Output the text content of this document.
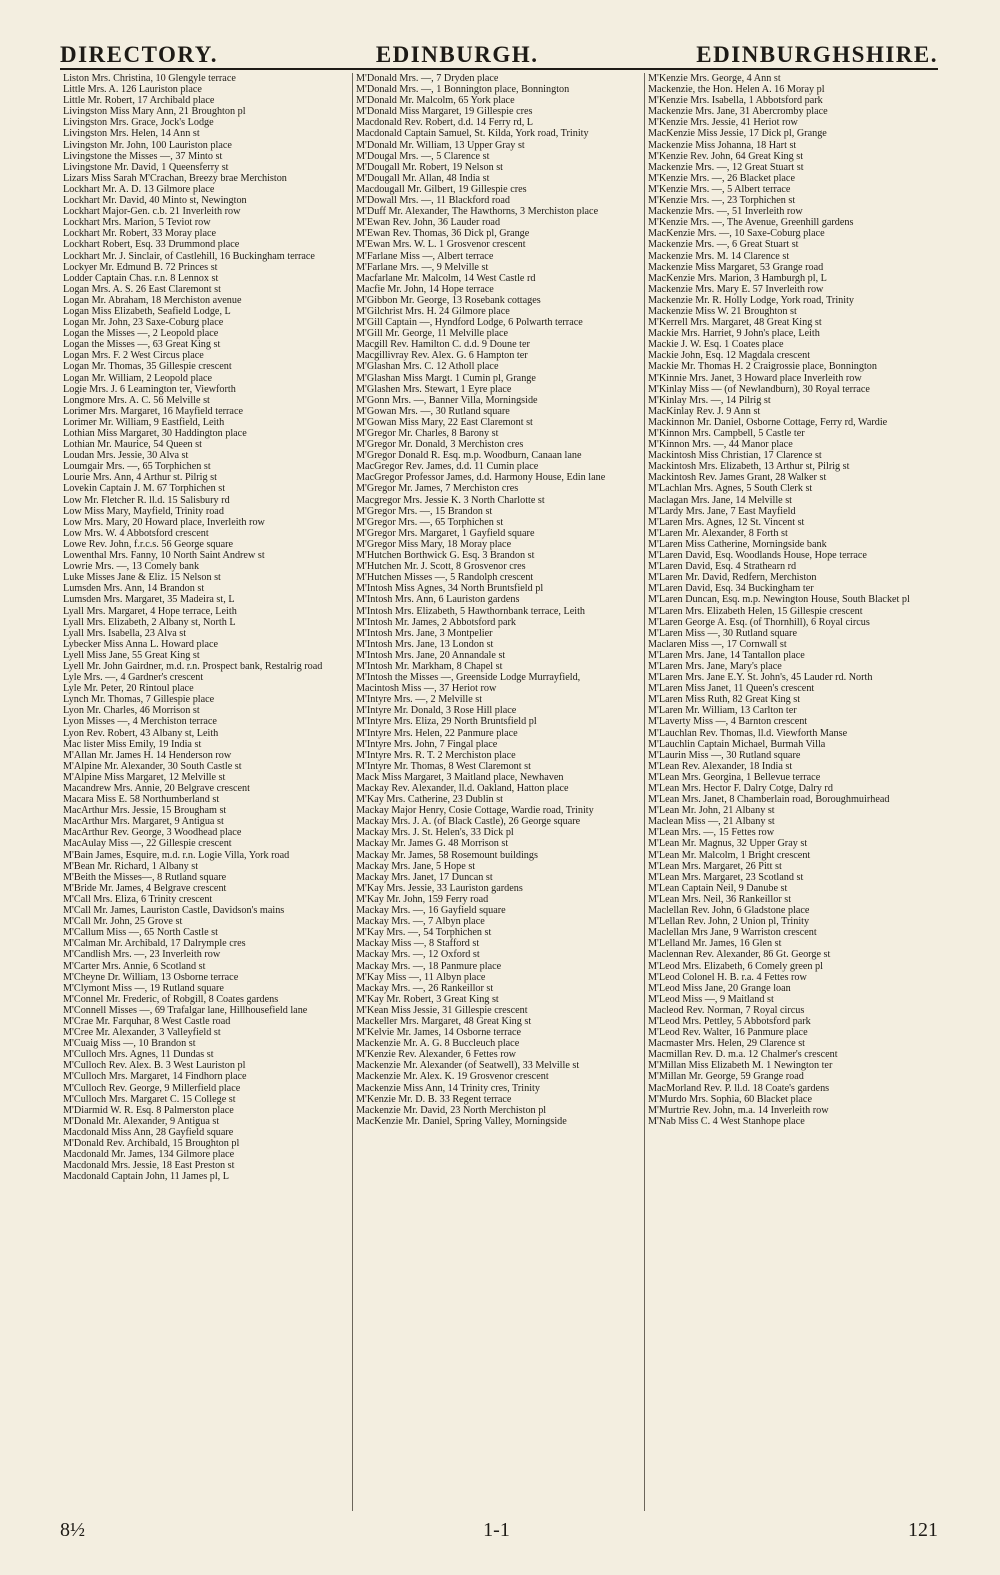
DIRECTORY.	EDINBURGH.	EDINBURGHSHIRE.
Liston Mrs. Christina, 10 Glengyle terrace
Little Mrs. A. 126 Lauriston place
Little Mr. Robert, 17 Archibald place
Livingston Miss Mary Ann, 21 Broughton pl
Livingston Mrs. Grace, Jock's Lodge
Livingston Mrs. Helen, 14 Ann st
Livingston Mr. John, 100 Lauriston place
Livingstone the Misses —, 37 Minto st
Livingstone Mr. David, 1 Queensferry st
Lizars Miss Sarah M'Crachan, Breezy brae Merchiston
Lockhart Mr. A. D. 13 Gilmore place
Lockhart Mr. David, 40 Minto st, Newington
Lockhart Major-Gen. c.b. 21 Inverleith row
Lockhart Mrs. Marion, 5 Teviot row
Lockhart Mr. Robert, 33 Moray place
Lockhart Robert, Esq. 33 Drummond place
Lockhart Mr. J. Sinclair, of Castlehill, 16 Buckingham terrace
Lockyer Mr. Edmund B. 72 Princes st
Lodder Captain Chas. r.n. 8 Lennox st
Logan Mrs. A. S. 26 East Claremont st
Logan Mr. Abraham, 18 Merchiston avenue
Logan Miss Elizabeth, Seafield Lodge, L
Logan Mr. John, 23 Saxe-Coburg place
Logan the Misses —, 2 Leopold place
Logan the Misses —, 63 Great King st
Logan Mrs. F. 2 West Circus place
Logan Mr. Thomas, 35 Gillespie crescent
Logan Mr. William, 2 Leopold place
Logie Mrs. J. 6 Leamington ter, Viewforth
Longmore Mrs. A. C. 56 Melville st
Lorimer Mrs. Margaret, 16 Mayfield terrace
Lorimer Mr. William, 9 Eastfield, Leith
Lothian Miss Margaret, 30 Haddington place
Lothian Mr. Maurice, 54 Queen st
Loudan Mrs. Jessie, 30 Alva st
Loumgair Mrs. —, 65 Torphichen st
Lourie Mrs. Ann, 4 Arthur st. Pilrig st
Lovekin Captain J. M. 67 Torphichen st
Low Mr. Fletcher R. ll.d. 15 Salisbury rd
Low Miss Mary, Mayfield, Trinity road
Low Mrs. Mary, 20 Howard place, Inverleith row
Low Mrs. W. 4 Abbotsford crescent
Lowe Rev. John, f.r.c.s. 56 George square
Lowenthal Mrs. Fanny, 10 North Saint Andrew st
Lowrie Mrs. —, 13 Comely bank
Luke Misses Jane & Eliz. 15 Nelson st
Lumsden Mrs. Ann, 14 Brandon st
Lumsden Mrs. Margaret, 35 Madeira st, L
Lyall Mrs. Margaret, 4 Hope terrace, Leith
Lyall Mrs. Elizabeth, 2 Albany st, North L
Lyall Mrs. Isabella, 23 Alva st
Lybecker Miss Anna L. Howard place
Lyell Miss Jane, 55 Great King st
Lyell Mr. John Gairdner, m.d. r.n. Prospect bank, Restalrig road
Lyle Mrs. —, 4 Gardner's crescent
Lyle Mr. Peter, 20 Rintoul place
Lynch Mr. Thomas, 7 Gillespie place
Lyon Mr. Charles, 46 Morrison st
Lyon Misses —, 4 Merchiston terrace
Lyon Rev. Robert, 43 Albany st, Leith
Mac lister Miss Emily, 19 India st
M'Allan Mr. James H. 14 Henderson row
M'Alpine Mr. Alexander, 30 South Castle st
M'Alpine Miss Margaret, 12 Melville st
Macandrew Mrs. Annie, 20 Belgrave crescent
Macara Miss E. 58 Northumberland st
MacArthur Mrs. Jessie, 15 Brougham st
MacArthur Mrs. Margaret, 9 Antigua st
MacArthur Rev. George, 3 Woodhead place
MacAulay Miss —, 22 Gillespie crescent
M'Bain James, Esquire, m.d. r.n. Logie Villa, York road
M'Bean Mr. Richard, 1 Albany st
M'Beith the Misses—, 8 Rutland square
M'Bride Mr. James, 4 Belgrave crescent
M'Call Mrs. Eliza, 6 Trinity crescent
M'Call Mr. James, Lauriston Castle, Davidson's mains
M'Call Mr. John, 25 Grove st
M'Callum Miss —, 65 North Castle st
M'Calman Mr. Archibald, 17 Dalrymple cres
M'Candlish Mrs. —, 23 Inverleith row
M'Carter Mrs. Annie, 6 Scotland st
M'Cheyne Dr. William, 13 Osborne terrace
M'Clymont Miss —, 19 Rutland square
M'Connel Mr. Frederic, of Robgill, 8 Coates gardens
M'Connell Misses —, 69 Trafalgar lane, Hillhousefield lane
M'Crae Mr. Farquhar, 8 West Castle road
M'Cree Mr. Alexander, 3 Valleyfield st
M'Cuaig Miss —, 10 Brandon st
M'Culloch Mrs. Agnes, 11 Dundas st
M'Culloch Rev. Alex. B. 3 West Lauriston pl
M'Culloch Mrs. Margaret, 14 Findhorn place
M'Culloch Rev. George, 9 Millerfield place
M'Culloch Mrs. Margaret C. 15 College st
M'Diarmid W. R. Esq. 8 Palmerston place
M'Donald Mr. Alexander, 9 Antigua st
Macdonald Miss Ann, 28 Gayfield square
M'Donald Rev. Archibald, 15 Broughton pl
Macdonald Mr. James, 134 Gilmore place
Macdonald Mrs. Jessie, 18 East Preston st
Macdonald Captain John, 11 James pl, L
M'Donald Mrs. —, 7 Dryden place
M'Donald Mrs. —, 1 Bonnington place, Bonnington
M'Donald Mr. Malcolm, 65 York place
M'Donald Miss Margaret, 19 Gillespie cres
Macdonald Rev. Robert, d.d. 14 Ferry rd, L
Macdonald Captain Samuel, St. Kilda, York road, Trinity
M'Donald Mr. William, 13 Upper Gray st
M'Dougal Mrs. —, 5 Clarence st
M'Dougall Mr. Robert, 19 Nelson st
M'Dougall Mr. Allan, 48 India st
Macdougall Mr. Gilbert, 19 Gillespie cres
M'Dowall Mrs. —, 11 Blackford road
M'Duff Mr. Alexander, The Hawthorns, 3 Merchiston place
M'Ewan Rev. John, 36 Lauder road
M'Ewan Rev. Thomas, 36 Dick pl, Grange
M'Ewan Mrs. W. L. 1 Grosvenor crescent
M'Farlane Miss —, Albert terrace
M'Farlane Mrs. —, 9 Melville st
Macfarlane Mr. Malcolm, 14 West Castle rd
Macfie Mr. John, 14 Hope terrace
M'Gibbon Mr. George, 13 Rosebank cottages
M'Gilchrist Mrs. H. 24 Gilmore place
M'Gill Captain —, Hyndford Lodge, 6 Polwarth terrace
M'Gill Mr. George, 11 Melville place
Macgill Rev. Hamilton C. d.d. 9 Doune ter
Macgillivray Rev. Alex. G. 6 Hampton ter
M'Glashan Mrs. C. 12 Atholl place
M'Glashan Miss Margt. 1 Cumin pl, Grange
M'Glashen Mrs. Stewart, 1 Eyre place
M'Gonn Mrs. —, Banner Villa, Morningside
M'Gowan Mrs. —, 30 Rutland square
M'Gowan Miss Mary, 22 East Claremont st
M'Gregor Mr. Charles, 8 Barony st
M'Gregor Mr. Donald, 3 Merchiston cres
M'Gregor Donald R. Esq. m.p. Woodburn, Canaan lane
MacGregor Rev. James, d.d. 11 Cumin place
MacGregor Professor James, d.d. Harmony House, Edin lane
M'Gregor Mr. James, 7 Merchiston cres
Macgregor Mrs. Jessie K. 3 North Charlotte st
M'Gregor Mrs. —, 15 Brandon st
M'Gregor Mrs. —, 65 Torphichen st
M'Gregor Mrs. Margaret, 1 Gayfield square
M'Gregor Miss Mary, 18 Moray place
M'Hutchen Borthwick G. Esq. 3 Brandon st
M'Hutchen Mr. J. Scott, 8 Grosvenor cres
M'Hutchen Misses —, 5 Randolph crescent
M'Intosh Miss Agnes, 34 North Bruntsfield pl
M'Intosh Mrs. Ann, 6 Lauriston gardens
M'Intosh Mrs. Elizabeth, 5 Hawthornbank terrace, Leith
M'Intosh Mr. James, 2 Abbotsford park
M'Intosh Mrs. Jane, 3 Montpelier
M'Intosh Mrs. Jane, 13 London st
M'Intosh Mrs. Jane, 20 Annandale st
M'Intosh Mr. Markham, 8 Chapel st
M'Intosh the Misses —, Greenside Lodge Murrayfield,
Macintosh Miss —, 37 Heriot row
M'Intyre Mrs. —, 2 Melville st
M'Intyre Mr. Donald, 3 Rose Hill place
M'Intyre Mrs. Eliza, 29 North Bruntsfield pl
M'Intyre Mrs. Helen, 22 Panmure place
M'Intyre Mrs. John, 7 Fingal place
M'Intyre Mrs. R. T. 2 Merchiston place
M'Intyre Mr. Thomas, 8 West Claremont st
Mack Miss Margaret, 3 Maitland place, Newhaven
Mackay Rev. Alexander, ll.d. Oakland, Hatton place
M'Kay Mrs. Catherine, 23 Dublin st
Mackay Major Henry, Cosie Cottage, Wardie road, Trinity
Mackay Mrs. J. A. (of Black Castle), 26 George square
Mackay Mrs. J. St. Helen's, 33 Dick pl
Mackay Mr. James G. 48 Morrison st
Mackay Mr. James, 58 Rosemount buildings
Mackay Mrs. Jane, 5 Hope st
Mackay Mrs. Janet, 17 Duncan st
M'Kay Mrs. Jessie, 33 Lauriston gardens
M'Kay Mr. John, 159 Ferry road
Mackay Mrs. —, 16 Gayfield square
Mackay Mrs. —, 7 Albyn place
M'Kay Mrs. —, 54 Torphichen st
Mackay Miss —, 8 Stafford st
Mackay Mrs. —, 12 Oxford st
Mackay Mrs. —, 18 Panmure place
M'Kay Miss —, 11 Albyn place
Mackay Mrs. —, 26 Rankeillor st
M'Kay Mr. Robert, 3 Great King st
M'Kean Miss Jessie, 31 Gillespie crescent
Mackeller Mrs. Margaret, 48 Great King st
M'Kelvie Mr. James, 14 Osborne terrace
Mackenzie Mr. A. G. 8 Buccleuch place
M'Kenzie Rev. Alexander, 6 Fettes row
Mackenzie Mr. Alexander (of Seatwell), 33 Melville st
Mackenzie Mr. Alex. K. 19 Grosvenor crescent
Mackenzie Miss Ann, 14 Trinity cres, Trinity
M'Kenzie Mr. D. B. 33 Regent terrace
Mackenzie Mr. David, 23 North Merchiston pl
MacKenzie Mr. Daniel, Spring Valley, Morningside
M'Kenzie Mrs. George, 4 Ann st
Mackenzie, the Hon. Helen A. 16 Moray pl
M'Kenzie Mrs. Isabella, 1 Abbotsford park
Mackenzie Mrs. Jane, 31 Abercromby place
M'Kenzie Mrs. Jessie, 41 Heriot row
MacKenzie Miss Jessie, 17 Dick pl, Grange
Mackenzie Miss Johanna, 18 Hart st
M'Kenzie Rev. John, 64 Great King st
Mackenzie Mrs. —, 12 Great Stuart st
M'Kenzie Mrs. —, 26 Blacket place
M'Kenzie Mrs. —, 5 Albert terrace
M'Kenzie Mrs. —, 23 Torphichen st
Mackenzie Mrs. —, 51 Inverleith row
M'Kenzie Mrs. —, The Avenue, Greenhill gardens
MacKenzie Mrs. —, 10 Saxe-Coburg place
Mackenzie Mrs. —, 6 Great Stuart st
Mackenzie Mrs. M. 14 Clarence st
Mackenzie Miss Margaret, 53 Grange road
MacKenzie Mrs. Marion, 3 Hamburgh pl, L
Mackenzie Mrs. Mary E. 57 Inverleith row
Mackenzie Mr. R. Holly Lodge, York road, Trinity
Mackenzie Miss W. 21 Broughton st
M'Kerrell Mrs. Margaret, 48 Great King st
Mackie Mrs. Harriet, 9 John's place, Leith
Mackie J. W. Esq. 1 Coates place
Mackie John, Esq. 12 Magdala crescent
Mackie Mr. Thomas H. 2 Craigrossie place, Bonnington
M'Kinnie Mrs. Janet, 3 Howard place Inverleith row
M'Kinlay Miss — (of Newlandburn), 30 Royal terrace
M'Kinlay Mrs. —, 14 Pilrig st
MacKinlay Rev. J. 9 Ann st
Mackinnon Mr. Daniel, Osborne Cottage, Ferry rd, Wardie
M'Kinnon Mrs. Campbell, 5 Castle ter
M'Kinnon Mrs. —, 44 Manor place
Mackintosh Miss Christian, 17 Clarence st
Mackintosh Mrs. Elizabeth, 13 Arthur st, Pilrig st
Mackintosh Rev. James Grant, 28 Walker st
M'Lachlan Mrs. Agnes, 5 South Clerk st
Maclagan Mrs. Jane, 14 Melville st
M'Lardy Mrs. Jane, 7 East Mayfield
M'Laren Mrs. Agnes, 12 St. Vincent st
M'Laren Mr. Alexander, 8 Forth st
M'Laren Miss Catherine, Morningside bank
M'Laren David, Esq. Woodlands House, Hope terrace
M'Laren David, Esq. 4 Strathearn rd
M'Laren Mr. David, Redfern, Merchiston
M'Laren David, Esq. 34 Buckingham ter
M'Laren Duncan, Esq. m.p. Newington House, South Blacket pl
M'Laren Mrs. Elizabeth Helen, 15 Gillespie crescent
M'Laren George A. Esq. (of Thornhill), 6 Royal circus
M'Laren Miss —, 30 Rutland square
Maclaren Miss —, 17 Cornwall st
M'Laren Mrs. Jane, 14 Tantallon place
M'Laren Mrs. Jane, Mary's place
M'Laren Mrs. Jane E.Y. St. John's, 45 Lauder rd. North
M'Laren Miss Janet, 11 Queen's crescent
M'Laren Miss Ruth, 82 Great King st
M'Laren Mr. William, 13 Carlton ter
M'Laverty Miss —, 4 Barnton crescent
M'Lauchlan Rev. Thomas, ll.d. Viewforth Manse
M'Lauchlin Captain Michael, Burmah Villa
M'Laurin Miss —, 30 Rutland square
M'Lean Rev. Alexander, 18 India st
M'Lean Mrs. Georgina, 1 Bellevue terrace
M'Lean Mrs. Hector F. Dalry Cotge, Dalry rd
M'Lean Mrs. Janet, 8 Chamberlain road, Boroughmuirhead
M'Lean Mr. John, 21 Albany st
Maclean Miss —, 21 Albany st
M'Lean Mrs. —, 15 Fettes row
M'Lean Mr. Magnus, 32 Upper Gray st
M'Lean Mr. Malcolm, 1 Bright crescent
M'Lean Mrs. Margaret, 26 Pitt st
M'Lean Mrs. Margaret, 23 Scotland st
M'Lean Captain Neil, 9 Danube st
M'Lean Mrs. Neil, 36 Rankeillor st
Maclellan Rev. John, 6 Gladstone place
M'Lellan Rev. John, 2 Union pl, Trinity
Maclellan Mrs Jane, 9 Warriston crescent
M'Lelland Mr. James, 16 Glen st
Maclennan Rev. Alexander, 86 Gt. George st
M'Leod Mrs. Elizabeth, 6 Comely green pl
M'Leod Colonel H. B. r.a. 4 Fettes row
M'Leod Miss Jane, 20 Grange loan
M'Leod Miss —, 9 Maitland st
Macleod Rev. Norman, 7 Royal circus
M'Leod Mrs. Pettley, 5 Abbotsford park
M'Leod Rev. Walter, 16 Panmure place
Macmaster Mrs. Helen, 29 Clarence st
Macmillan Rev. D. m.a. 12 Chalmer's crescent
M'Millan Miss Elizabeth M. 1 Newington ter
M'Millan Mr. George, 59 Grange road
MacMorland Rev. P. ll.d. 18 Coate's gardens
M'Murdo Mrs. Sophia, 60 Blacket place
M'Murtrie Rev. John, m.a. 14 Inverleith row
M'Nab Miss C. 4 West Stanhope place
8½	1-1	121
